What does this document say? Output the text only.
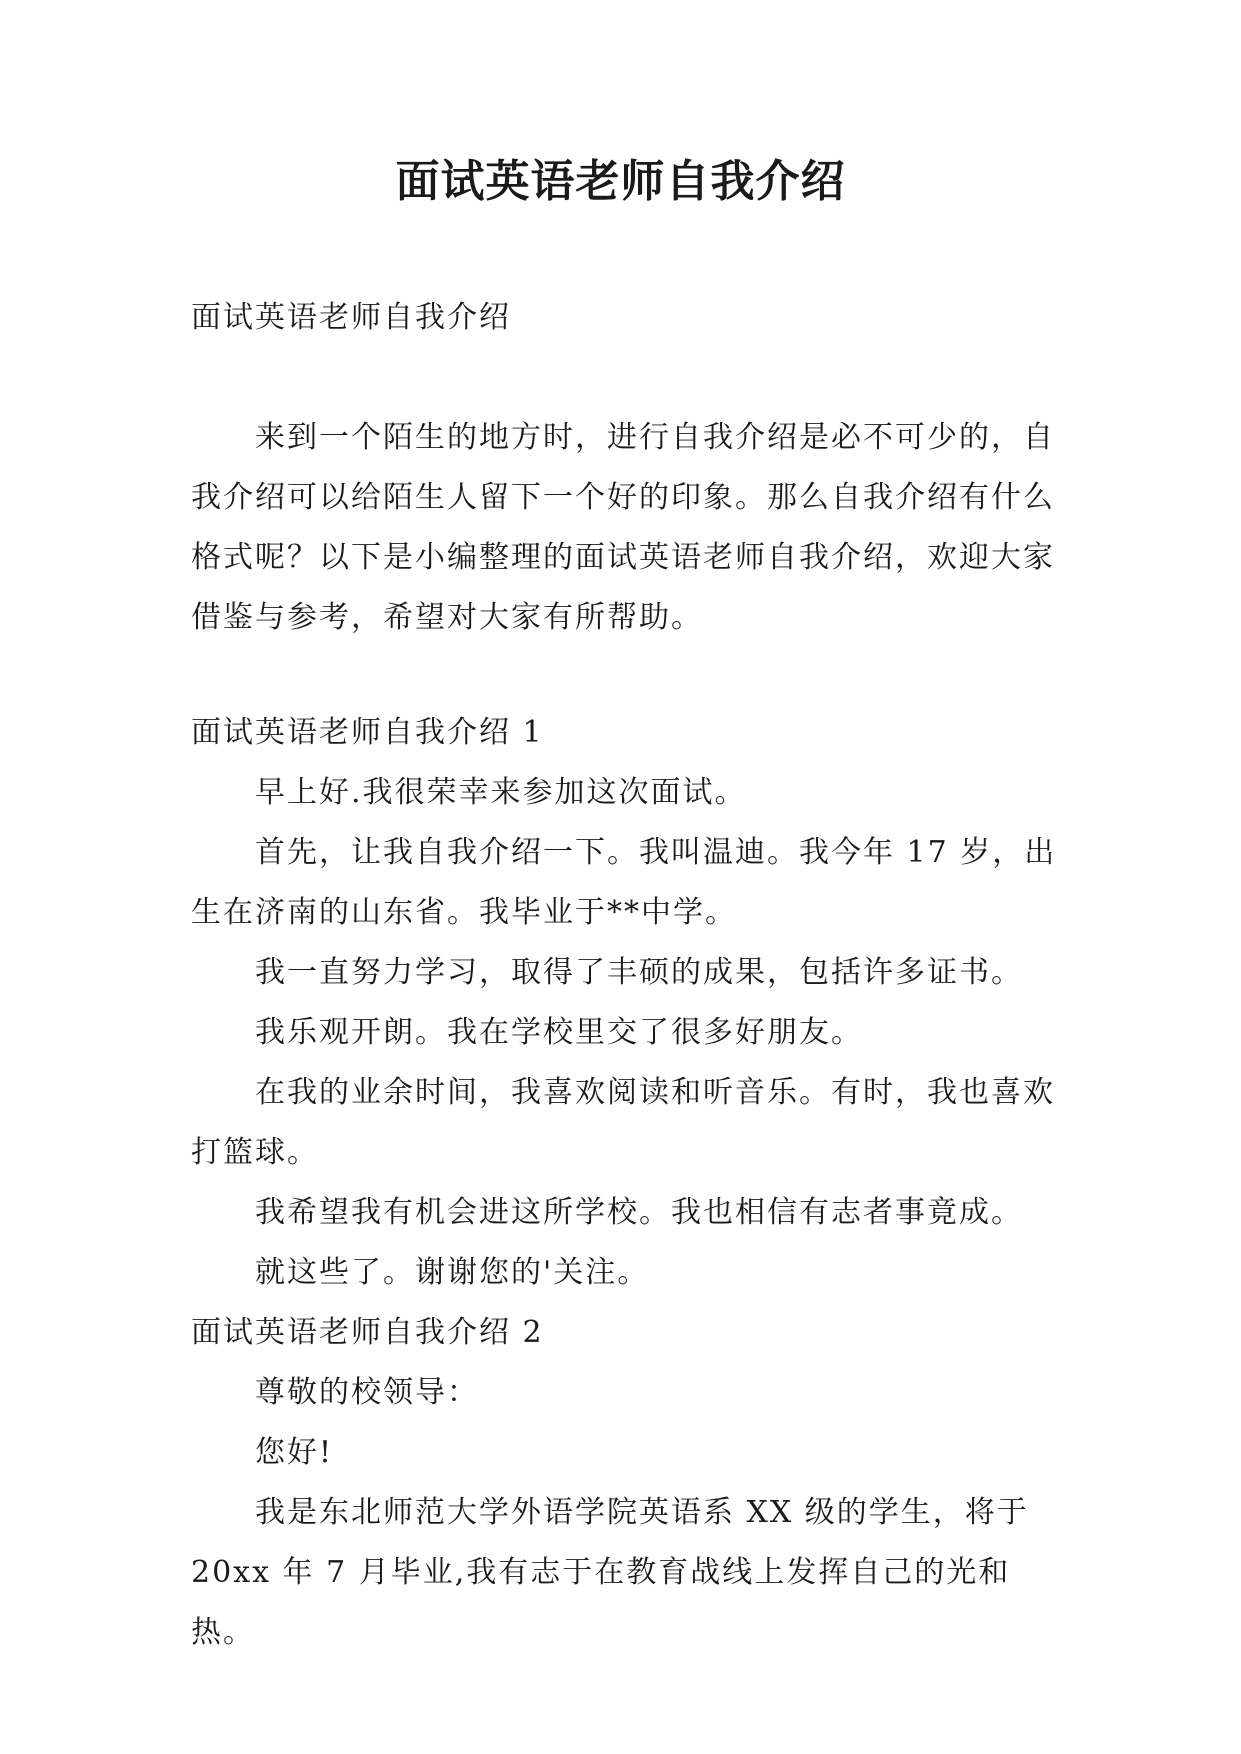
面试英语老师自我介绍

面试英语老师自我介绍

来到一个陌生的地方时，进行自我介绍是必不可少的，自我介绍可以给陌生人留下一个好的印象。那么自我介绍有什么格式呢？以下是小编整理的面试英语老师自我介绍，欢迎大家借鉴与参考，希望对大家有所帮助。

面试英语老师自我介绍 1

早上好.我很荣幸来参加这次面试。

首先，让我自我介绍一下。我叫温迪。我今年 17 岁，出生在济南的山东省。我毕业于**中学。

我一直努力学习，取得了丰硕的成果，包括许多证书。

我乐观开朗。我在学校里交了很多好朋友。

在我的业余时间，我喜欢阅读和听音乐。有时，我也喜欢打篮球。

我希望我有机会进这所学校。我也相信有志者事竟成。

就这些了。谢谢您的'关注。

面试英语老师自我介绍 2

尊敬的校领导：

您好!

我是东北师范大学外语学院英语系 XX 级的学生，将于 20xx 年 7 月毕业,我有志于在教育战线上发挥自己的光和热。
